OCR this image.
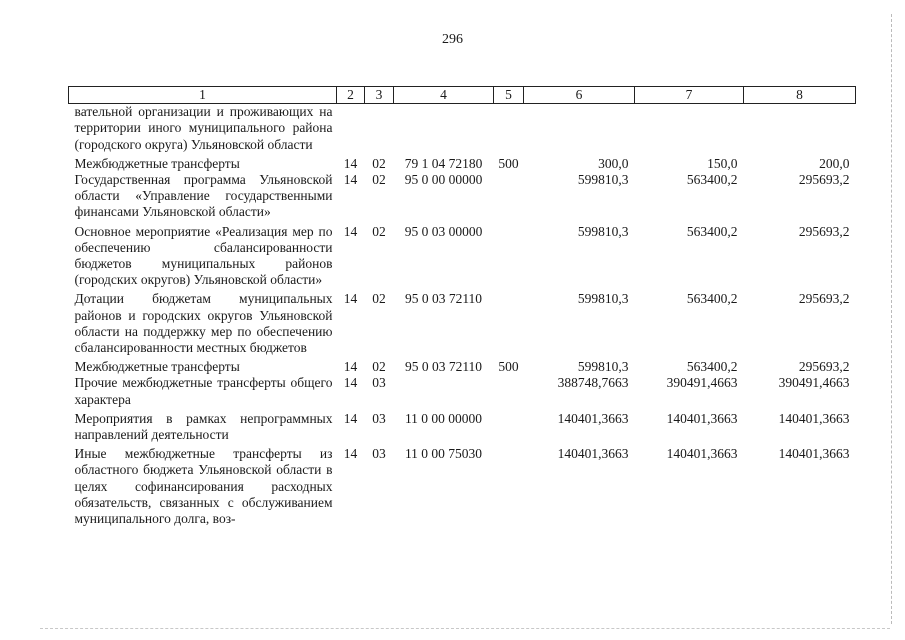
296
1	2	3	4	5	6	7	8
вательной организации и проживающих на территории иного муниципального района (городского округа) Ульяновской области							
Межбюджетные трансферты	14	02	79 1 04 72180	500	300,0	150,0	200,0
Государственная программа Ульяновской области «Управление государственными финансами Ульяновской области»	14	02	95 0 00 00000		599810,3	563400,2	295693,2
Основное мероприятие «Реализация мер по обеспечению сбалансированности бюджетов муниципальных районов (городских округов) Ульяновской области»	14	02	95 0 03 00000		599810,3	563400,2	295693,2
Дотации бюджетам муниципальных районов и городских округов Ульяновской области на поддержку мер по обеспечению сбалансированности местных бюджетов	14	02	95 0 03 72110		599810,3	563400,2	295693,2
Межбюджетные трансферты	14	02	95 0 03 72110	500	599810,3	563400,2	295693,2
Прочие межбюджетные трансферты общего характера	14	03			388748,7663	390491,4663	390491,4663
Мероприятия в рамках непрограммных направлений деятельности	14	03	11 0 00 00000		140401,3663	140401,3663	140401,3663
Иные межбюджетные трансферты из областного бюджета Ульяновской области в целях софинансирования расходных обязательств, связанных с обслуживанием муниципального долга, воз-	14	03	11 0 00 75030		140401,3663	140401,3663	140401,3663
